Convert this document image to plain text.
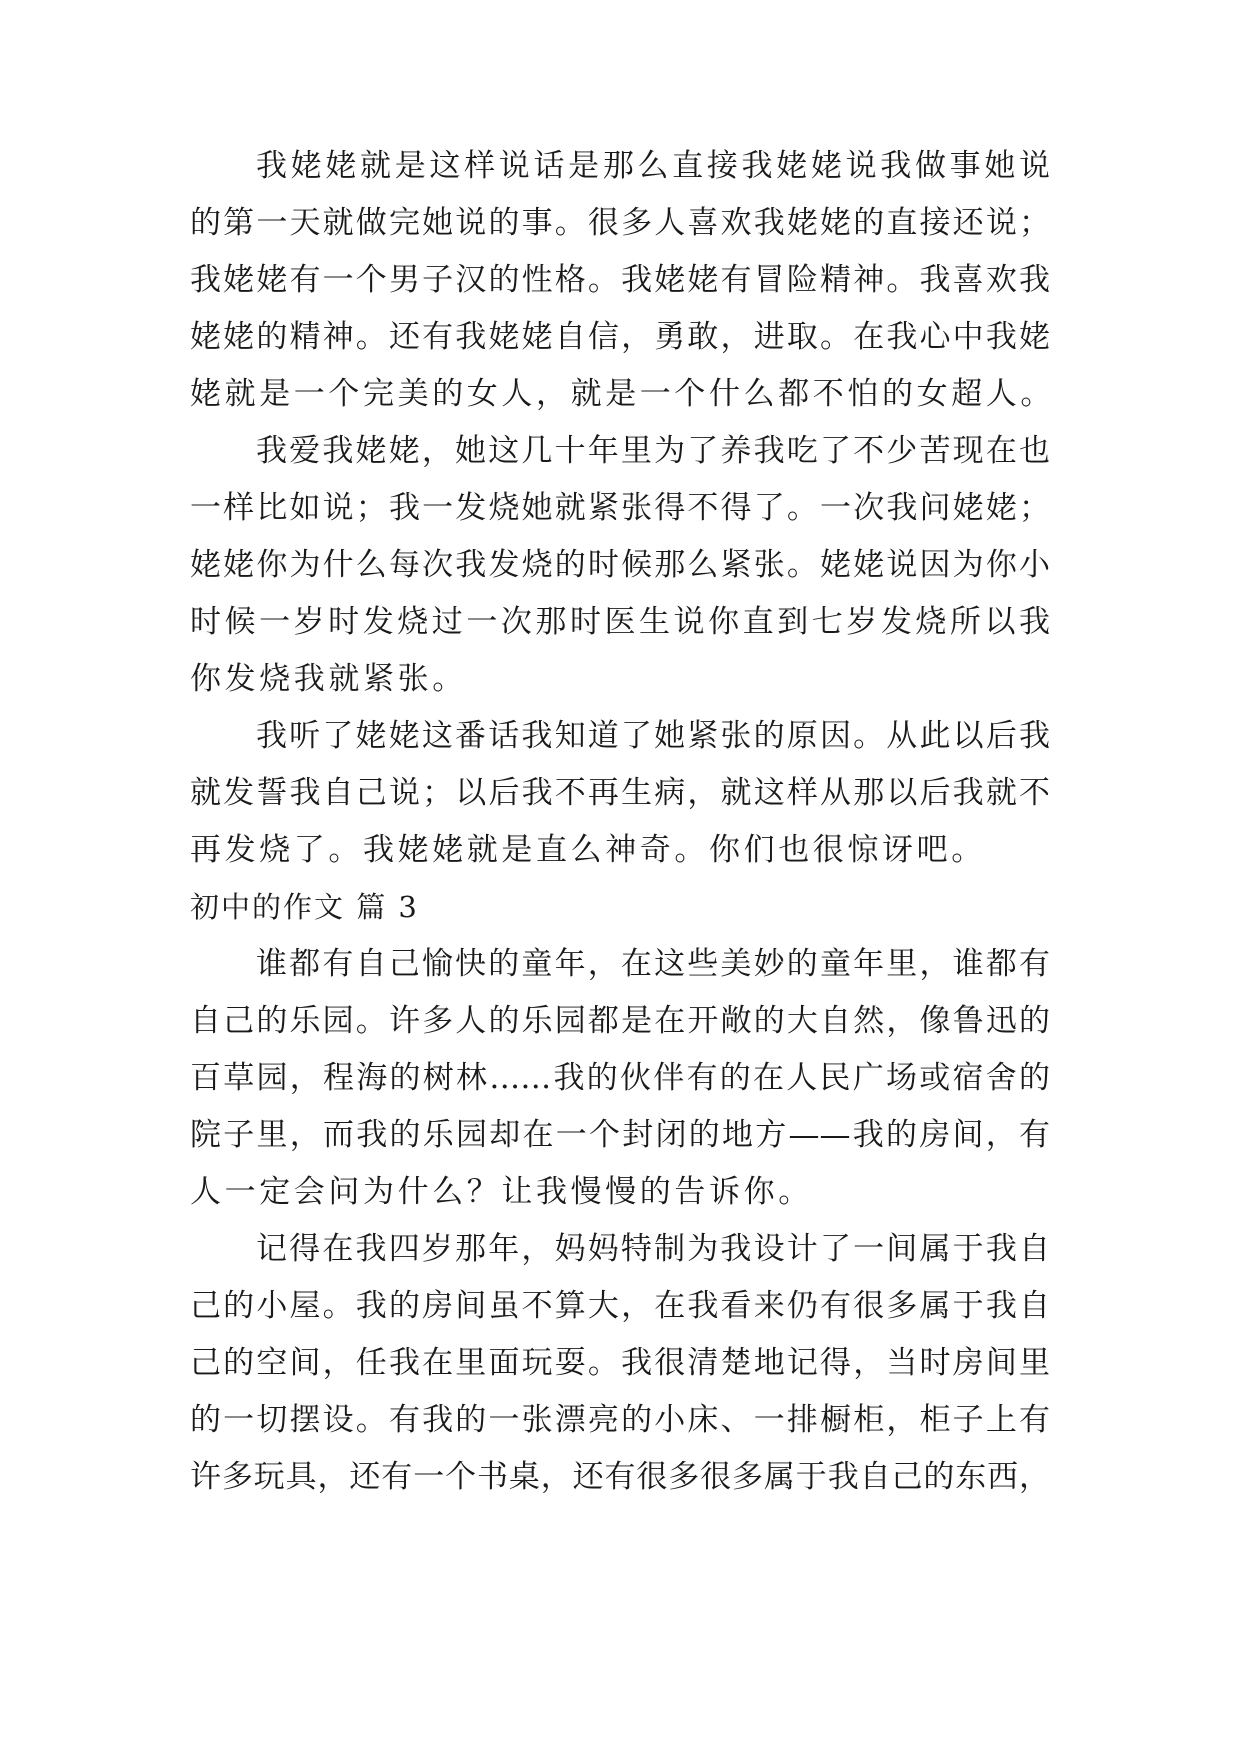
我姥姥就是这样说话是那么直接我姥姥说我做事她说
的第一天就做完她说的事。很多人喜欢我姥姥的直接还说；
我姥姥有一个男子汉的性格。我姥姥有冒险精神。我喜欢我
姥姥的精神。还有我姥姥自信，勇敢，进取。在我心中我姥
姥就是一个完美的女人，就是一个什么都不怕的女超人。
我爱我姥姥，她这几十年里为了养我吃了不少苦现在也
一样比如说；我一发烧她就紧张得不得了。一次我问姥姥；
姥姥你为什么每次我发烧的时候那么紧张。姥姥说因为你小
时候一岁时发烧过一次那时医生说你直到七岁发烧所以我
你发烧我就紧张。
我听了姥姥这番话我知道了她紧张的原因。从此以后我
就发誓我自己说；以后我不再生病，就这样从那以后我就不
再发烧了。我姥姥就是直么神奇。你们也很惊讶吧。
初中的作文 篇 3
谁都有自己愉快的童年，在这些美妙的童年里，谁都有
自己的乐园。许多人的乐园都是在开敞的大自然，像鲁迅的
百草园，程海的树林……我的伙伴有的在人民广场或宿舍的
院子里，而我的乐园却在一个封闭的地方——我的房间，有
人一定会问为什么？让我慢慢的告诉你。
记得在我四岁那年，妈妈特制为我设计了一间属于我自
己的小屋。我的房间虽不算大，在我看来仍有很多属于我自
己的空间，任我在里面玩耍。我很清楚地记得，当时房间里
的一切摆设。有我的一张漂亮的小床、一排橱柜，柜子上有
许多玩具，还有一个书桌，还有很多很多属于我自己的东西，
